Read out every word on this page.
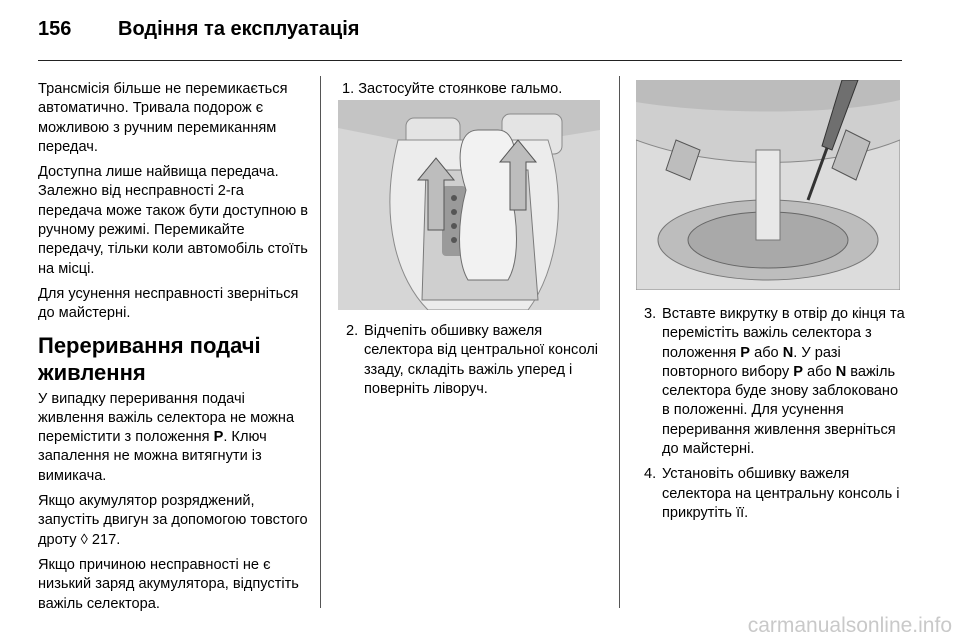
156 Водіння та експлуатація

Трансмісія більше не перемикається автоматично. Тривала подорож є можливою з ручним перемиканням передач.

Доступна лише найвища передача. Залежно від несправності 2-га передача може також бути доступною в ручному режимі. Перемикайте передачу, тільки коли автомобіль стоїть на місці.

Для усунення несправності зверніться до майстерні.

Переривання подачі живлення

У випадку переривання подачі живлення важіль селектора не можна перемістити з положення P. Ключ запалення не можна витягнути із вимикача.

Якщо акумулятор розряджений, запустіть двигун за допомогою товстого дроту ◊ 217.

Якщо причиною несправності не є низький заряд акумулятора, відпустіть важіль селектора.

1. Застосуйте стоянкове гальмо.
2. Відчепіть обшивку важеля селектора від центральної консолі ззаду, складіть важіль уперед і поверніть ліворуч.
3. Вставте викрутку в отвір до кінця та перемістіть важіль селектора з положення P або N. У разі повторного вибору P або N важіль селектора буде знову заблоковано в положенні. Для усунення переривання живлення зверніться до майстерні.
4. Установіть обшивку важеля селектора на центральну консоль і прикрутіть її.
carmanualsonline.info
